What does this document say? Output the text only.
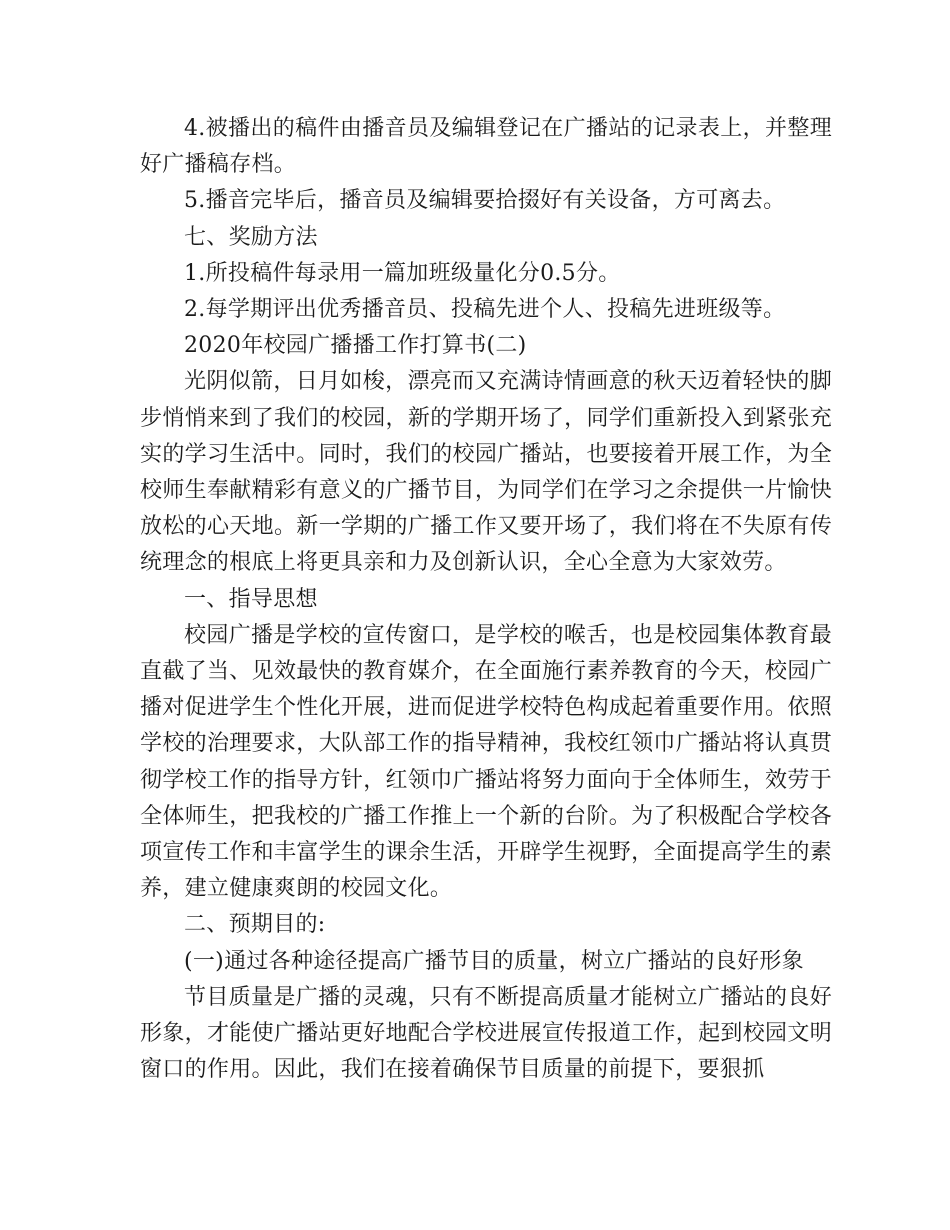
4.被播出的稿件由播音员及编辑登记在广播站的记录表上，并整理好广播稿存档。

5.播音完毕后，播音员及编辑要拾掇好有关设备，方可离去。

七、奖励方法

1.所投稿件每录用一篇加班级量化分0.5分。

2.每学期评出优秀播音员、投稿先进个人、投稿先进班级等。

2020年校园广播播工作打算书(二)

光阴似箭，日月如梭，漂亮而又充满诗情画意的秋天迈着轻快的脚步悄悄来到了我们的校园，新的学期开场了，同学们重新投入到紧张充实的学习生活中。同时，我们的校园广播站，也要接着开展工作，为全校师生奉献精彩有意义的广播节目，为同学们在学习之余提供一片愉快放松的心天地。新一学期的广播工作又要开场了，我们将在不失原有传统理念的根底上将更具亲和力及创新认识，全心全意为大家效劳。

一、指导思想

校园广播是学校的宣传窗口，是学校的喉舌，也是校园集体教育最直截了当、见效最快的教育媒介，在全面施行素养教育的今天，校园广播对促进学生个性化开展，进而促进学校特色构成起着重要作用。依照学校的治理要求，大队部工作的指导精神，我校红领巾广播站将认真贯彻学校工作的指导方针，红领巾广播站将努力面向于全体师生，效劳于全体师生，把我校的广播工作推上一个新的台阶。为了积极配合学校各项宣传工作和丰富学生的课余生活，开辟学生视野，全面提高学生的素养，建立健康爽朗的校园文化。

二、预期目的:

(一)通过各种途径提高广播节目的质量，树立广播站的良好形象

节目质量是广播的灵魂，只有不断提高质量才能树立广播站的良好形象，才能使广播站更好地配合学校进展宣传报道工作，起到校园文明窗口的作用。因此，我们在接着确保节目质量的前提下，要狠抓
